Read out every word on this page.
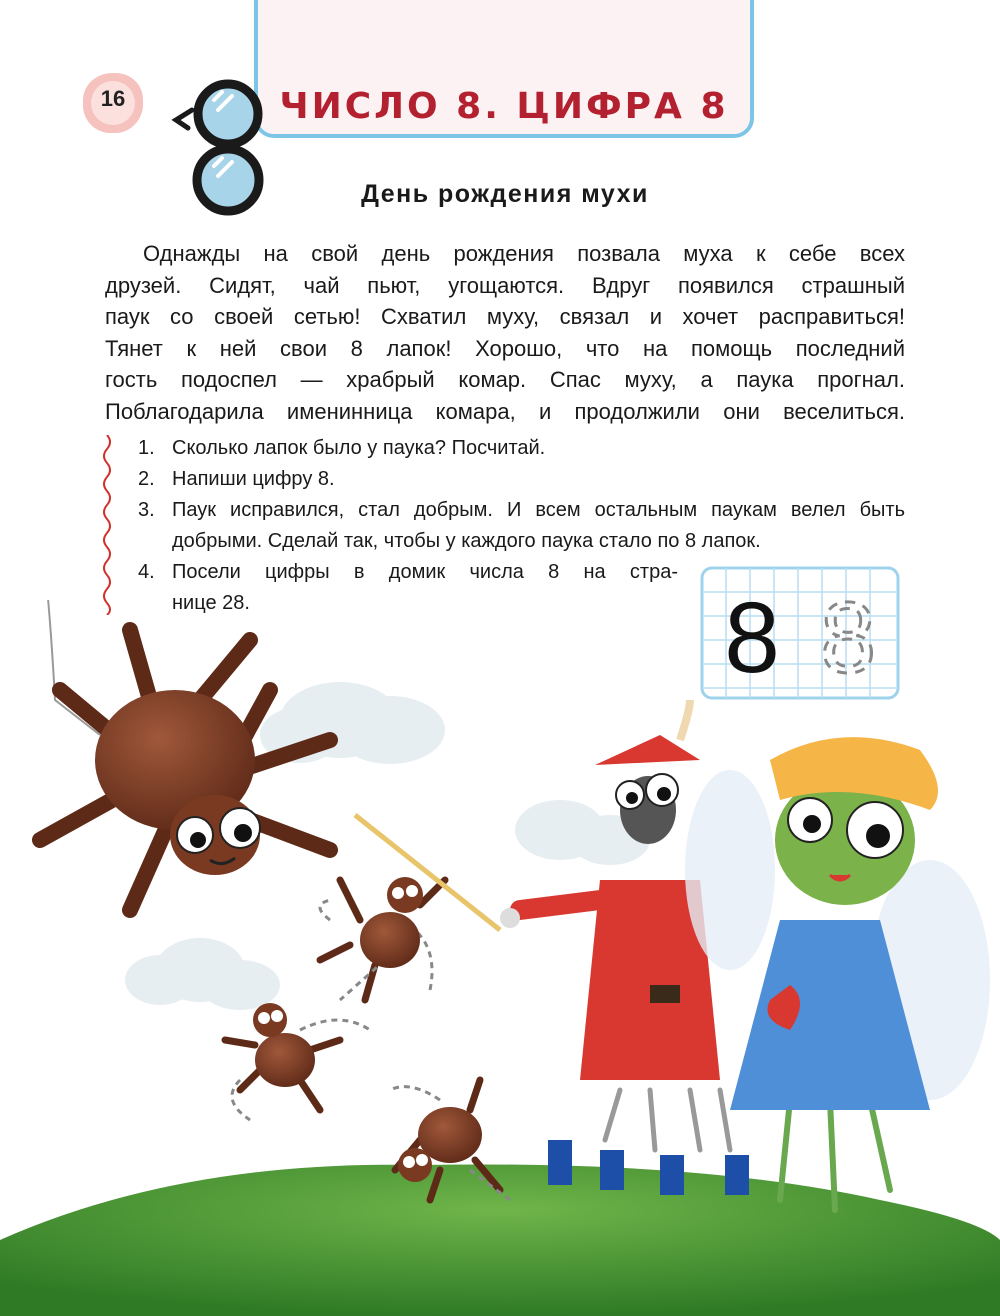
ЧИСЛО 8. ЦИФРА 8
16
День рождения мухи
Однажды на свой день рождения позвала муха к себе всех
друзей. Сидят, чай пьют, угощаются. Вдруг появился страшный
паук со своей сетью! Схватил муху, связал и хочет расправиться!
Тянет к ней свои 8 лапок! Хорошо, что на помощь последний
гость подоспел — храбрый комар. Спас муху, а паука прогнал.
Поблагодарила именинница комара, и продолжили они веселиться.
1. Сколько лапок было у паука? Посчитай.
2. Напиши цифру 8.
3. Паук исправился, стал добрым. И всем остальным паукам велел быть
добрыми. Сделай так, чтобы у каждого паука стало по 8 лапок.
4. Посели цифры в домик числа 8 на стра-
нице 28.	8 8
